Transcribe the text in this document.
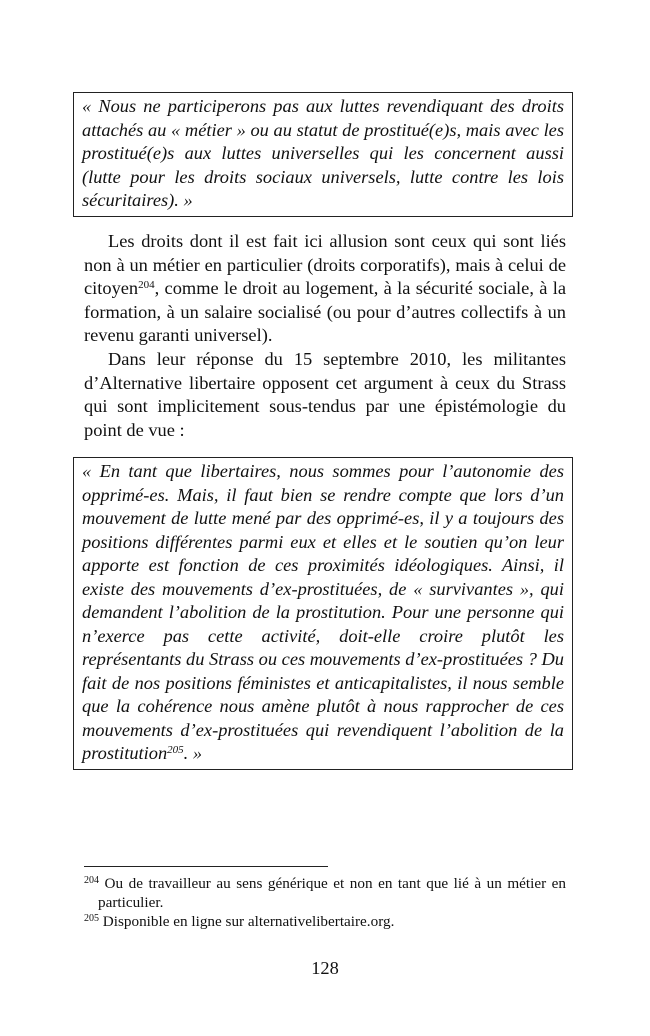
« Nous ne participerons pas aux luttes revendiquant des droits attachés au « métier » ou au statut de prostitué(e)s, mais avec les prostitué(e)s aux luttes universelles qui les concernent aussi (lutte pour les droits sociaux universels, lutte contre les lois sécuritaires). »

Les droits dont il est fait ici allusion sont ceux qui sont liés non à un métier en particulier (droits corporatifs), mais à celui de citoyen$^{204}$, comme le droit au logement, à la sécurité sociale, à la formation, à un salaire socialisé (ou pour d’autres collectifs à un revenu garanti universel).

Dans leur réponse du 15 septembre 2010, les militantes d’Alternative libertaire opposent cet argument à ceux du Strass qui sont implicitement sous-tendus par une épistémologie du point de vue :

« En tant que libertaires, nous sommes pour l’autonomie des opprimé-es. Mais, il faut bien se rendre compte que lors d’un mouvement de lutte mené par des opprimé-es, il y a toujours des positions différentes parmi eux et elles et le soutien qu’on leur apporte est fonction de ces proximités idéologiques. Ainsi, il existe des mouvements d’ex-prostituées, de « survivantes », qui demandent l’abolition de la prostitution. Pour une personne qui n’exerce pas cette activité, doit-elle croire plutôt les représentants du Strass ou ces mouvements d’ex-prostituées ? Du fait de nos positions féministes et anticapitalistes, il nous semble que la cohérence nous amène plutôt à nous rapprocher de ces mouvements d’ex-prostituées qui revendiquent l’abolition de la prostitution$^{205}$. »

$^{204}$ Ou de travailleur au sens générique et non en tant que lié à un métier en particulier.

$^{205}$ Disponible en ligne sur alternativelibertaire.org.

128
